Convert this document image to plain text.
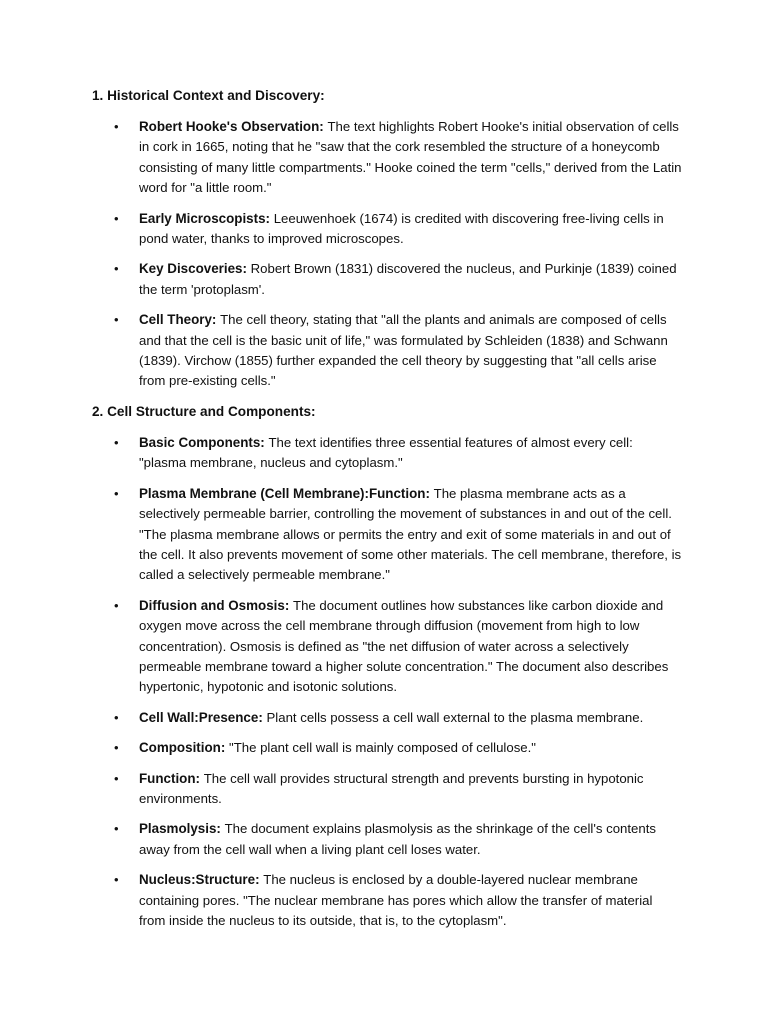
1. Historical Context and Discovery:
• Robert Hooke's Observation: The text highlights Robert Hooke's initial observation of cells in cork in 1665, noting that he "saw that the cork resembled the structure of a honeycomb consisting of many little compartments." Hooke coined the term "cells," derived from the Latin word for "a little room."
• Early Microscopists: Leeuwenhoek (1674) is credited with discovering free-living cells in pond water, thanks to improved microscopes.
• Key Discoveries: Robert Brown (1831) discovered the nucleus, and Purkinje (1839) coined the term 'protoplasm'.
• Cell Theory: The cell theory, stating that "all the plants and animals are composed of cells and that the cell is the basic unit of life," was formulated by Schleiden (1838) and Schwann (1839). Virchow (1855) further expanded the cell theory by suggesting that "all cells arise from pre-existing cells."
2. Cell Structure and Components:
• Basic Components: The text identifies three essential features of almost every cell: "plasma membrane, nucleus and cytoplasm."
• Plasma Membrane (Cell Membrane):Function: The plasma membrane acts as a selectively permeable barrier, controlling the movement of substances in and out of the cell. "The plasma membrane allows or permits the entry and exit of some materials in and out of the cell. It also prevents movement of some other materials. The cell membrane, therefore, is called a selectively permeable membrane."
• Diffusion and Osmosis: The document outlines how substances like carbon dioxide and oxygen move across the cell membrane through diffusion (movement from high to low concentration). Osmosis is defined as "the net diffusion of water across a selectively permeable membrane toward a higher solute concentration." The document also describes hypertonic, hypotonic and isotonic solutions.
• Cell Wall:Presence: Plant cells possess a cell wall external to the plasma membrane.
• Composition: "The plant cell wall is mainly composed of cellulose."
• Function: The cell wall provides structural strength and prevents bursting in hypotonic environments.
• Plasmolysis: The document explains plasmolysis as the shrinkage of the cell's contents away from the cell wall when a living plant cell loses water.
• Nucleus:Structure: The nucleus is enclosed by a double-layered nuclear membrane containing pores. "The nuclear membrane has pores which allow the transfer of material from inside the nucleus to its outside, that is, to the cytoplasm".
